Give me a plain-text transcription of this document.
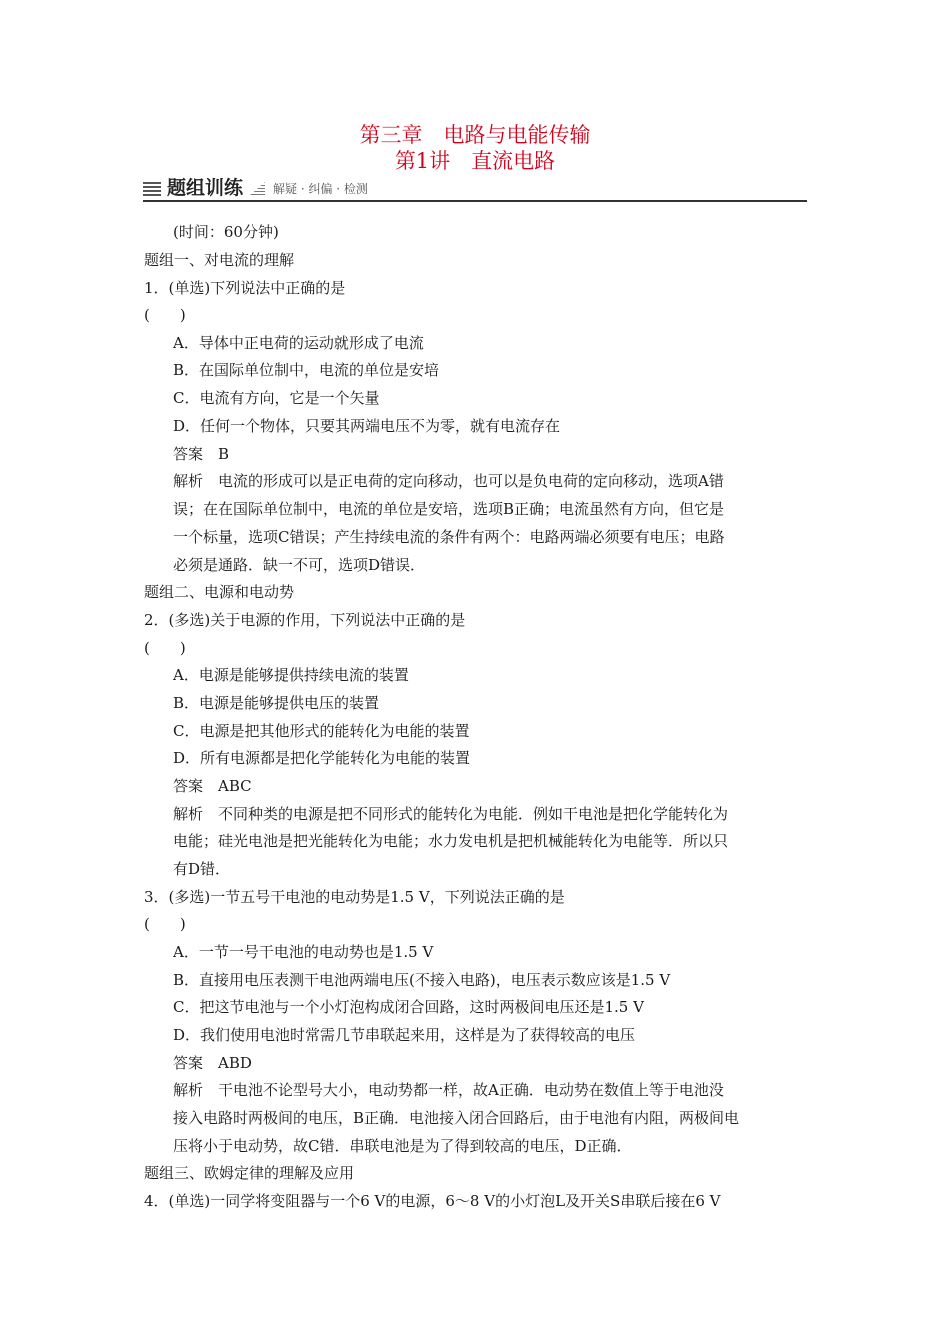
第三章　电路与电能传输
第1讲　直流电路
题组训练 解疑 · 纠偏 · 检测
(时间：60分钟)
题组一、对电流的理解
1．(单选)下列说法中正确的是
(　　)
A．导体中正电荷的运动就形成了电流
B．在国际单位制中，电流的单位是安培
C．电流有方向，它是一个矢量
D．任何一个物体，只要其两端电压不为零，就有电流存在
答案　B
解析　电流的形成可以是正电荷的定向移动，也可以是负电荷的定向移动，选项A错
误；在在国际单位制中，电流的单位是安培，选项B正确；电流虽然有方向，但它是
一个标量，选项C错误；产生持续电流的条件有两个：电路两端必须要有电压；电路
必须是通路．缺一不可，选项D错误．
题组二、电源和电动势
2．(多选)关于电源的作用，下列说法中正确的是
(　　)
A．电源是能够提供持续电流的装置
B．电源是能够提供电压的装置
C．电源是把其他形式的能转化为电能的装置
D．所有电源都是把化学能转化为电能的装置
答案　ABC
解析　不同种类的电源是把不同形式的能转化为电能．例如干电池是把化学能转化为
电能；硅光电池是把光能转化为电能；水力发电机是把机械能转化为电能等．所以只
有D错．
3．(多选)一节五号干电池的电动势是1.5 V，下列说法正确的是
(　　)
A．一节一号干电池的电动势也是1.5 V
B．直接用电压表测干电池两端电压(不接入电路)，电压表示数应该是1.5 V
C．把这节电池与一个小灯泡构成闭合回路，这时两极间电压还是1.5 V
D．我们使用电池时常需几节串联起来用，这样是为了获得较高的电压
答案　ABD
解析　干电池不论型号大小，电动势都一样，故A正确．电动势在数值上等于电池没
接入电路时两极间的电压，B正确．电池接入闭合回路后，由于电池有内阻，两极间电
压将小于电动势，故C错．串联电池是为了得到较高的电压，D正确．
题组三、欧姆定律的理解及应用
4．(单选)一同学将变阻器与一个6 V的电源，6～8 V的小灯泡L及开关S串联后接在6 V
